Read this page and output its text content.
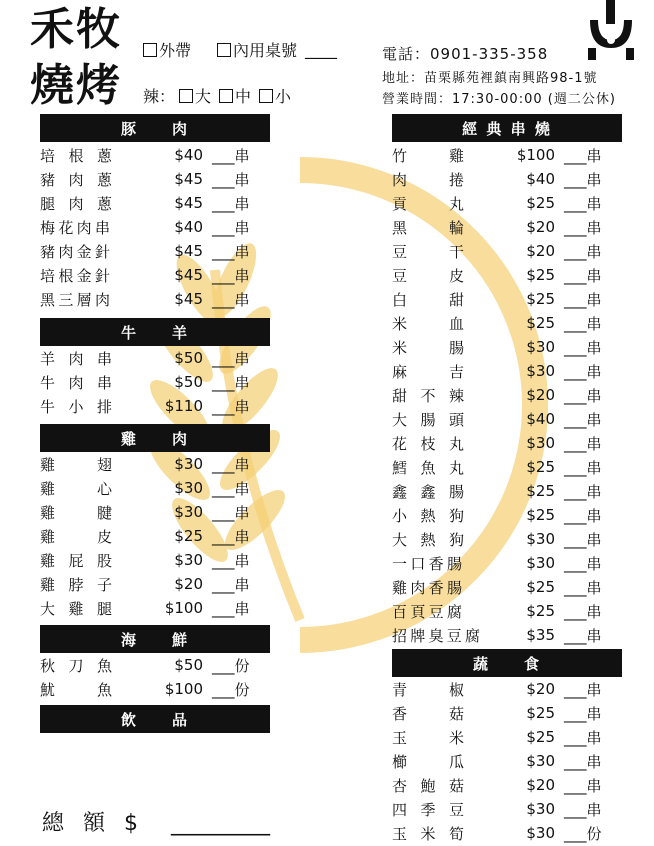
禾牧
燒烤
外帶	內用桌號 ____
辣： 大 中 小
電話：0901-335-358
地址：苗栗縣苑裡鎮南興路98-1號
營業時間：17:30-00:00 (週二公休)
豚　　肉
培 根 蔥	$40 ___串
豬 肉 蔥	$45 ___串
腿 肉 蔥	$45 ___串
梅 花 肉 串	$40 ___串
豬 肉 金 針	$45 ___串
培 根 金 針	$45 ___串
黑 三 層 肉	$45 ___串
牛　　羊
羊 肉 串	$50 ___串
牛 肉 串	$50 ___串
牛 小 排	$110 ___串
雞　　肉
雞	翅	$30 ___串
雞	心	$30 ___串
雞	腱	$30 ___串
雞	皮	$25 ___串
雞 屁 股	$30 ___串
雞 脖 子	$20 ___串
大 雞 腿	$100 ___串
海　　鮮
秋 刀 魚	$50 ___份
魷	魚	$100 ___份
飲　　品
經 典 串 燒
竹	雞	$100 ___串
肉	捲	$40 ___串
貢	丸	$25 ___串
黑	輪	$20 ___串
豆	干	$20 ___串
豆	皮	$25 ___串
白	甜	$25 ___串
米	血	$25 ___串
米	腸	$30 ___串
麻	吉	$30 ___串
甜 不 辣	$20 ___串
大 腸 頭	$40 ___串
花 枝 丸	$30 ___串
鱈 魚 丸	$25 ___串
鑫 鑫 腸	$25 ___串
小 熱 狗	$25 ___串
大 熱 狗	$30 ___串
一 口 香 腸	$30 ___串
雞 肉 香 腸	$25 ___串
百 頁 豆 腐	$25 ___串
招 牌 臭 豆 腐	$35 ___串
蔬　　食
青	椒	$20 ___串
香	菇	$25 ___串
玉	米	$25 ___串
櫛	瓜	$30 ___串
杏 鮑 菇	$20 ___串
四 季 豆	$30 ___串
玉 米 筍	$30 ___份
總 額 $ _________
